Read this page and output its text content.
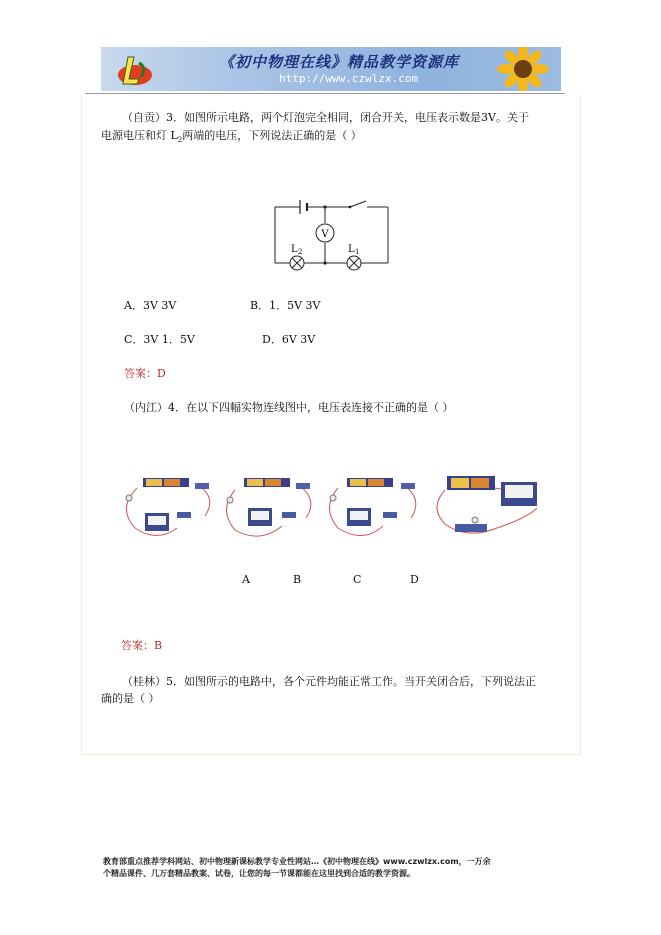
《初中物理在线》精品教学资源库
http://www.czwlzx.com
（自贡）3．如图所示电路，两个灯泡完全相同，闭合开关，电压表示数是3V。关于
电源电压和灯 $L_2$两端的电压，下列说法正确的是（ ）
V
L 2	L 1
A．3V 3V	B．1．5V 3V
C．3V 1．5V	D．6V 3V
答案：D
（内江）4．在以下四幅实物连线图中，电压表连接不正确的是（ ）
A	B	C	D
答案：B
（桂林）5．如图所示的电路中，各个元件均能正常工作。当开关闭合后，下列说法正
确的是（ ）
教育部重点推荐学科网站、初中物理新课标教学专业性网站…《初中物理在线》www.czwlzx.com，一万余
个精品课件、几万套精品教案、试卷，让您的每一节课都能在这里找到合适的教学资源。
